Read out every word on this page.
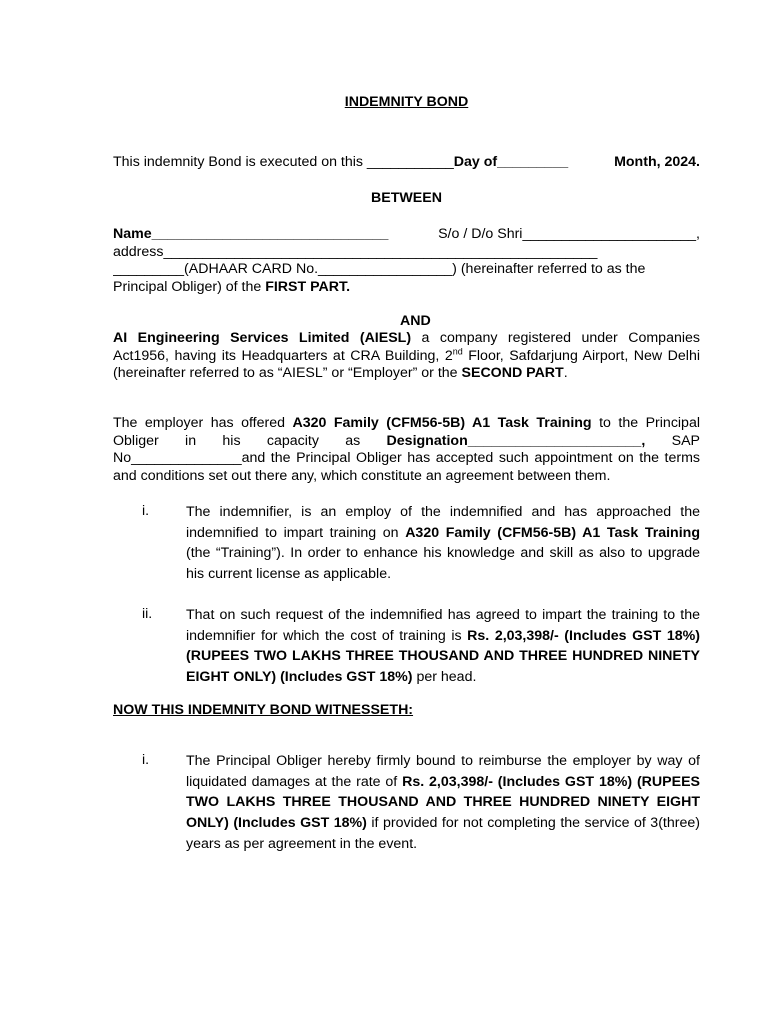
INDEMNITY BOND
This indemnity Bond is executed on this ___________Day of_________	Month, 2024.
BETWEEN
Name______________________________	S/o / D/o Shri______________________,
address_______________________________________________________
_________(ADHAAR CARD No._________________) (hereinafter referred to as the
Principal Obliger) of the FIRST PART.
AND
AI Engineering Services Limited (AIESL) a company registered under Companies Act1956, having its Headquarters at CRA Building, 2nd Floor, Safdarjung Airport, New Delhi (hereinafter referred to as “AIESL” or “Employer” or the SECOND PART.
The employer has offered A320 Family (CFM56-5B) A1 Task Training to the Principal Obliger in his capacity as Designation______________________, SAP No______________and the Principal Obliger has accepted such appointment on the terms and conditions set out there any, which constitute an agreement between them.
i.	The indemnifier, is an employ of the indemnified and has approached the indemnified to impart training on A320 Family (CFM56-5B) A1 Task Training (the “Training”). In order to enhance his knowledge and skill as also to upgrade his current license as applicable.
ii. That on such request of the indemnified has agreed to impart the training to the indemnifier for which the cost of training is Rs. 2,03,398/- (Includes GST 18%) (RUPEES TWO LAKHS THREE THOUSAND AND THREE HUNDRED NINETY EIGHT ONLY) (Includes GST 18%) per head.
NOW THIS INDEMNITY BOND WITNESSETH:
i.	The Principal Obliger hereby firmly bound to reimburse the employer by way of liquidated damages at the rate of Rs. 2,03,398/- (Includes GST 18%) (RUPEES TWO LAKHS THREE THOUSAND AND THREE HUNDRED NINETY EIGHT ONLY) (Includes GST 18%) if provided for not completing the service of 3(three) years as per agreement in the event.
